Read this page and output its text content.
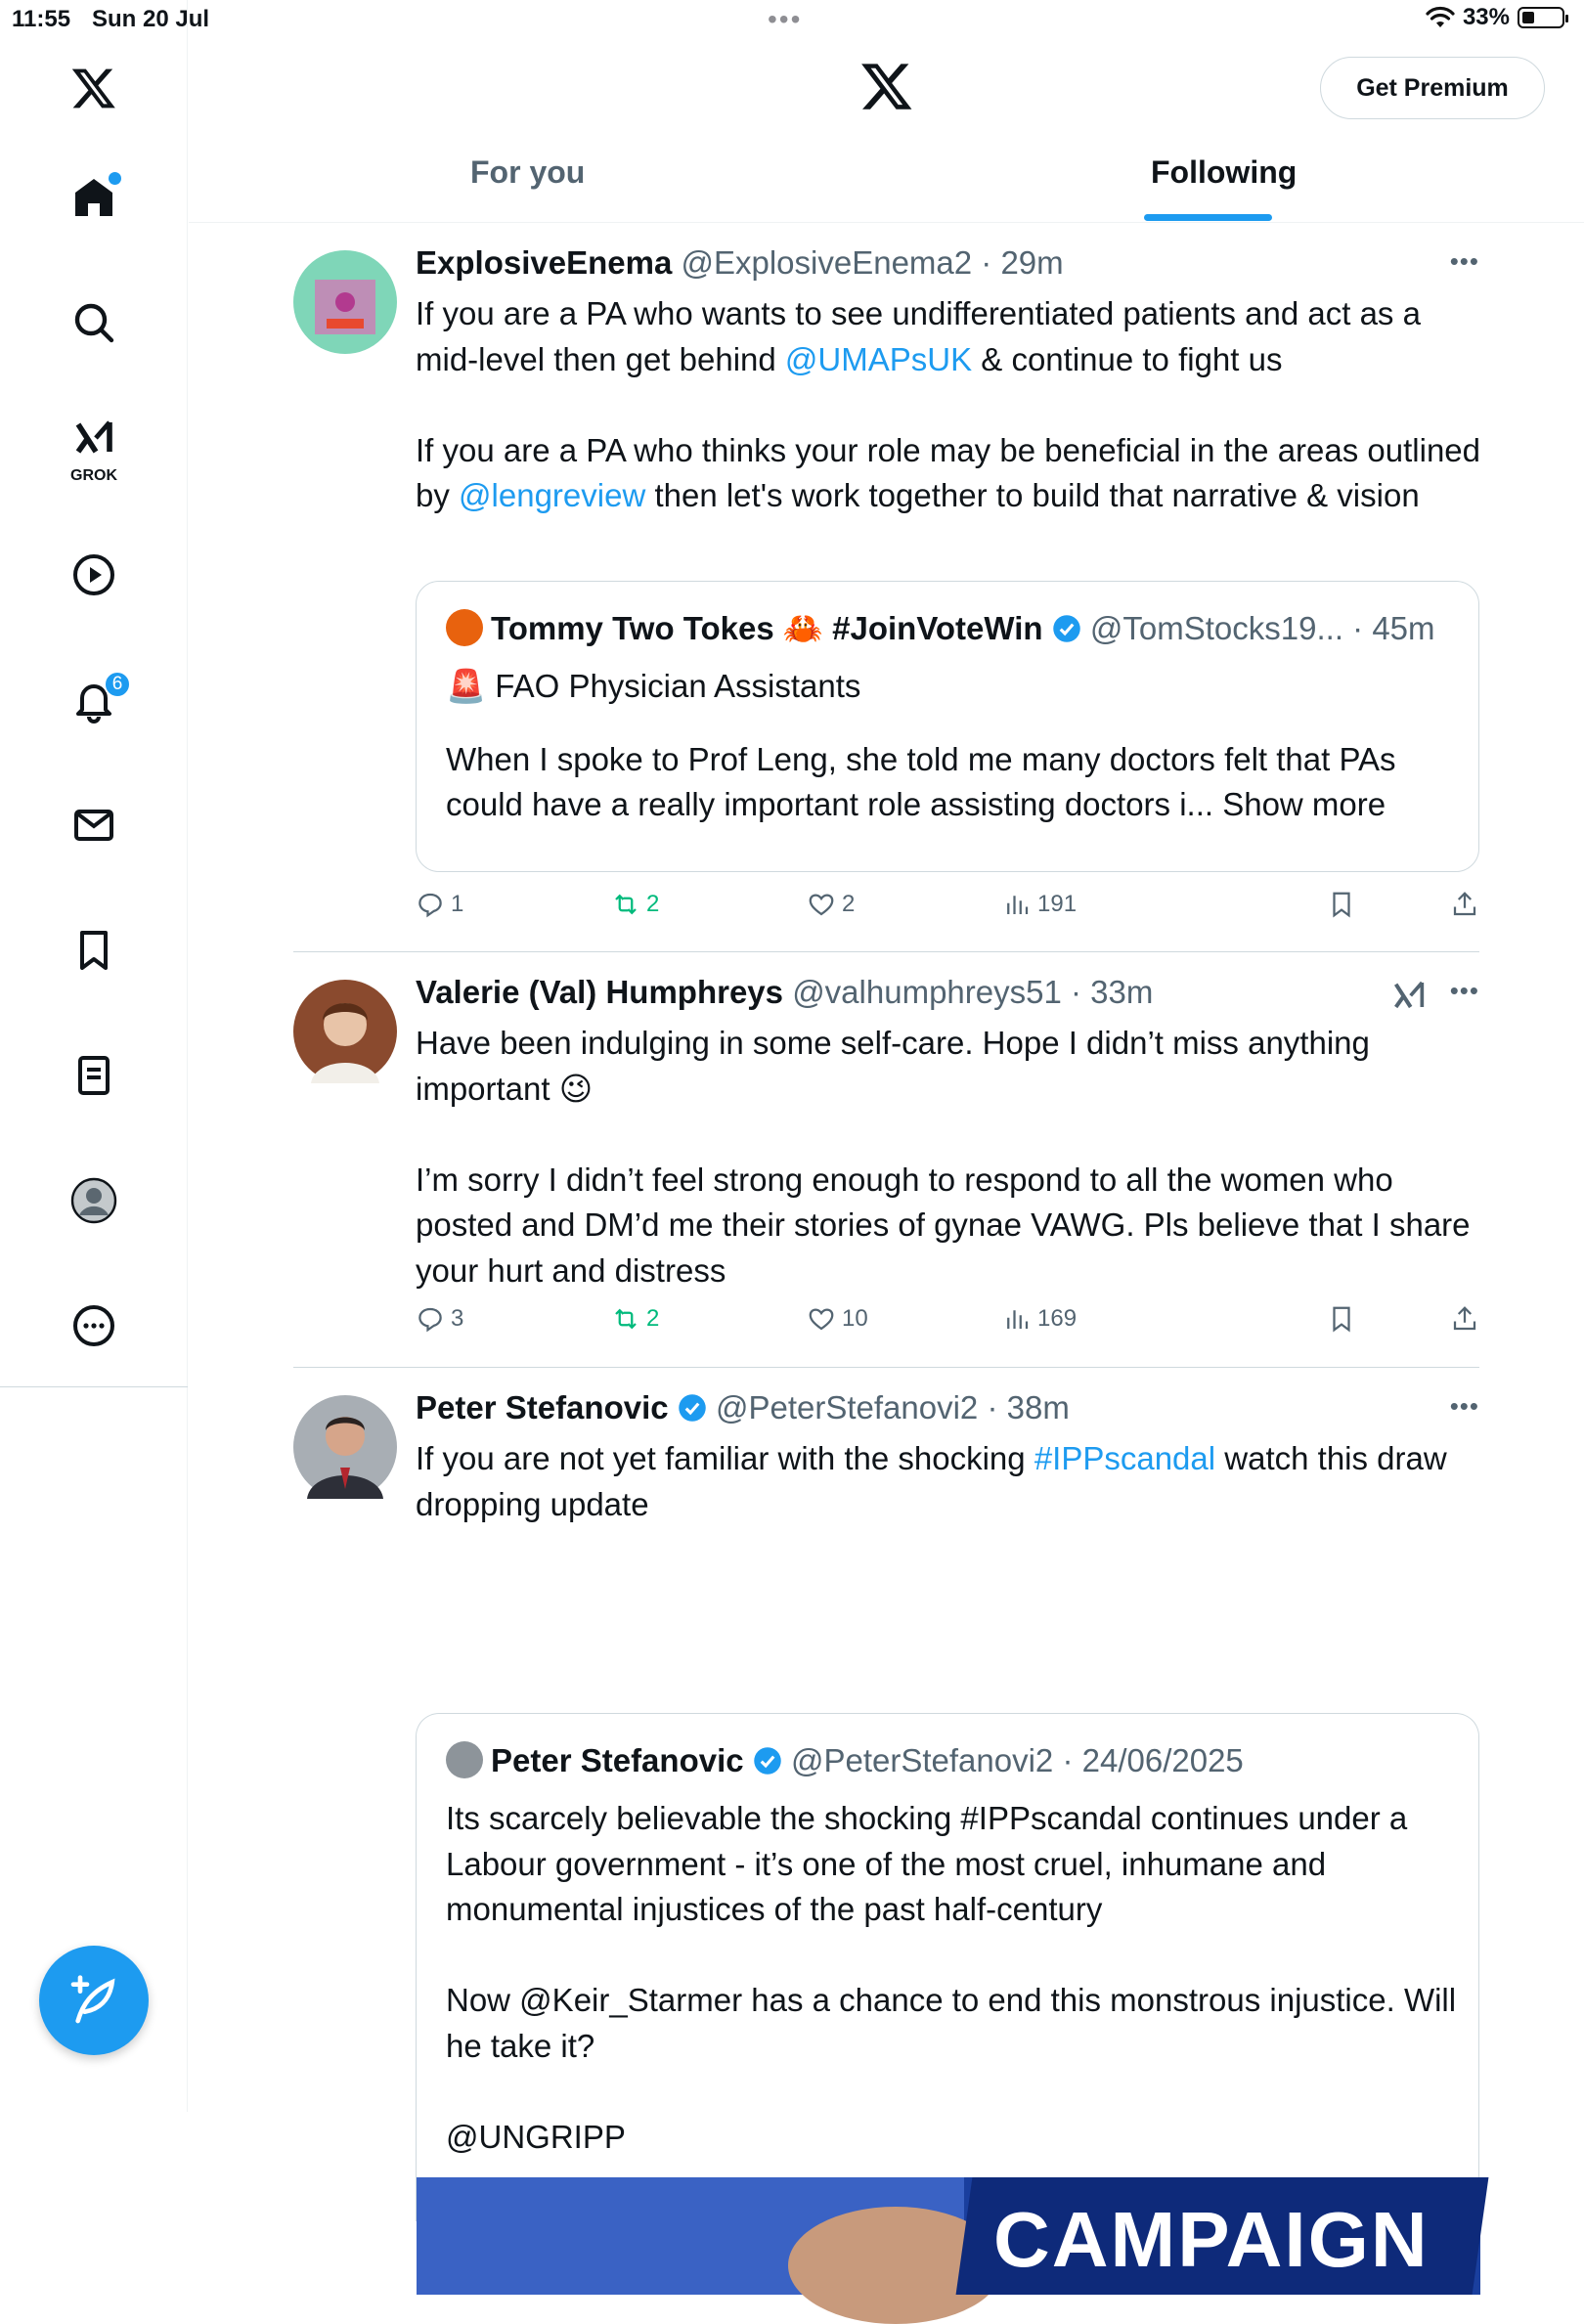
11:55 Sun 20 Jul	•••	33%
GROK
6
Get Premium
For you	Following
ExplosiveEnema @ExplosiveEnema2 · 29m	•••
If you are a PA who wants to see undifferentiated patients and act as a mid-level then get behind @UMAPsUK & continue to fight us
If you are a PA who thinks your role may be beneficial in the areas outlined by @lengreview then let's work together to build that narrative & vision
Tommy Two Tokes 🦀 #JoinVoteWin @TomStocks19... · 45m
🚨 FAO Physician Assistants
When I spoke to Prof Leng, she told me many doctors felt that PAs could have a really important role assisting doctors i... Show more
1	2	2	191
Valerie (Val) Humphreys @valhumphreys51 · 33m	•••
Have been indulging in some self-care. Hope I didn’t miss anything important 😉
I’m sorry I didn’t feel strong enough to respond to all the women who posted and DM’d me their stories of gynae VAWG. Pls believe that I share your hurt and distress
3	2	10	169
Peter Stefanovic @PeterStefanovi2 · 38m	•••
If you are not yet familiar with the shocking #IPPscandal watch this draw dropping update
Peter Stefanovic @PeterStefanovi2 · 24/06/2025
Its scarcely believable the shocking #IPPscandal continues under a Labour government - it’s one of the most cruel, inhumane and monumental injustices of the past half-century
Now @Keir_Starmer has a chance to end this monstrous injustice. Will he take it?
@UNGRIPP
CAMPAIGN
